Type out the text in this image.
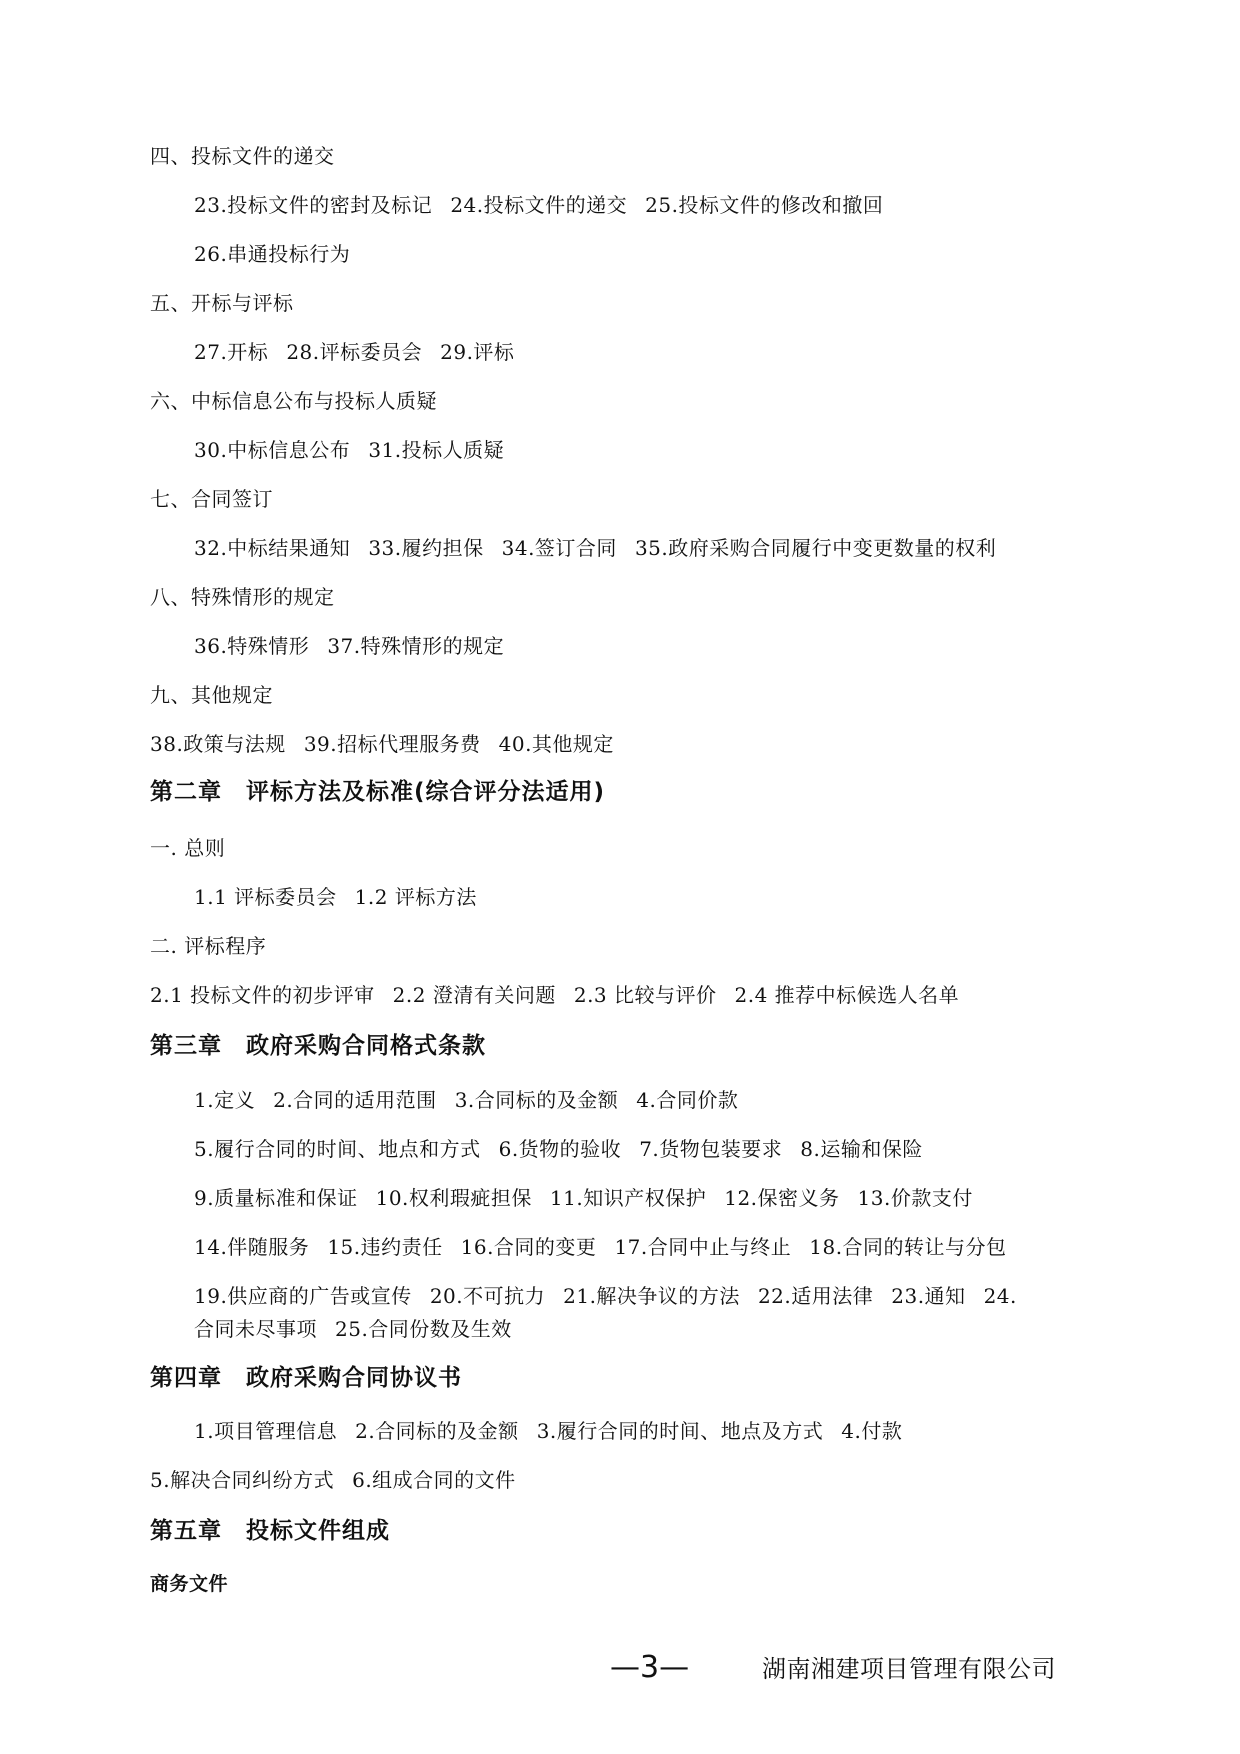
四、投标文件的递交
23.投标文件的密封及标记 24.投标文件的递交 25.投标文件的修改和撤回
26.串通投标行为
五、开标与评标
27.开标 28.评标委员会 29.评标
六、中标信息公布与投标人质疑
30.中标信息公布 31.投标人质疑
七、合同签订
32.中标结果通知 33.履约担保 34.签订合同 35.政府采购合同履行中变更数量的权利
八、特殊情形的规定
36.特殊情形 37.特殊情形的规定
九、其他规定
38.政策与法规 39.招标代理服务费 40.其他规定
第二章　评标方法及标准(综合评分法适用)
一. 总则
1.1 评标委员会 1.2 评标方法
二. 评标程序
2.1 投标文件的初步评审 2.2 澄清有关问题 2.3 比较与评价 2.4 推荐中标候选人名单
第三章　政府采购合同格式条款
1.定义 2.合同的适用范围 3.合同标的及金额 4.合同价款
5.履行合同的时间、地点和方式 6.货物的验收 7.货物包装要求 8.运输和保险
9.质量标准和保证 10.权利瑕疵担保 11.知识产权保护 12.保密义务 13.价款支付
14.伴随服务 15.违约责任 16.合同的变更 17.合同中止与终止 18.合同的转让与分包
19.供应商的广告或宣传 20.不可抗力 21.解决争议的方法 22.适用法律 23.通知 24.
合同未尽事项 25.合同份数及生效
第四章　政府采购合同协议书
1.项目管理信息 2.合同标的及金额 3.履行合同的时间、地点及方式 4.付款
5.解决合同纠纷方式 6.组成合同的文件
第五章　投标文件组成
商务文件
—3—	湖南湘建项目管理有限公司
